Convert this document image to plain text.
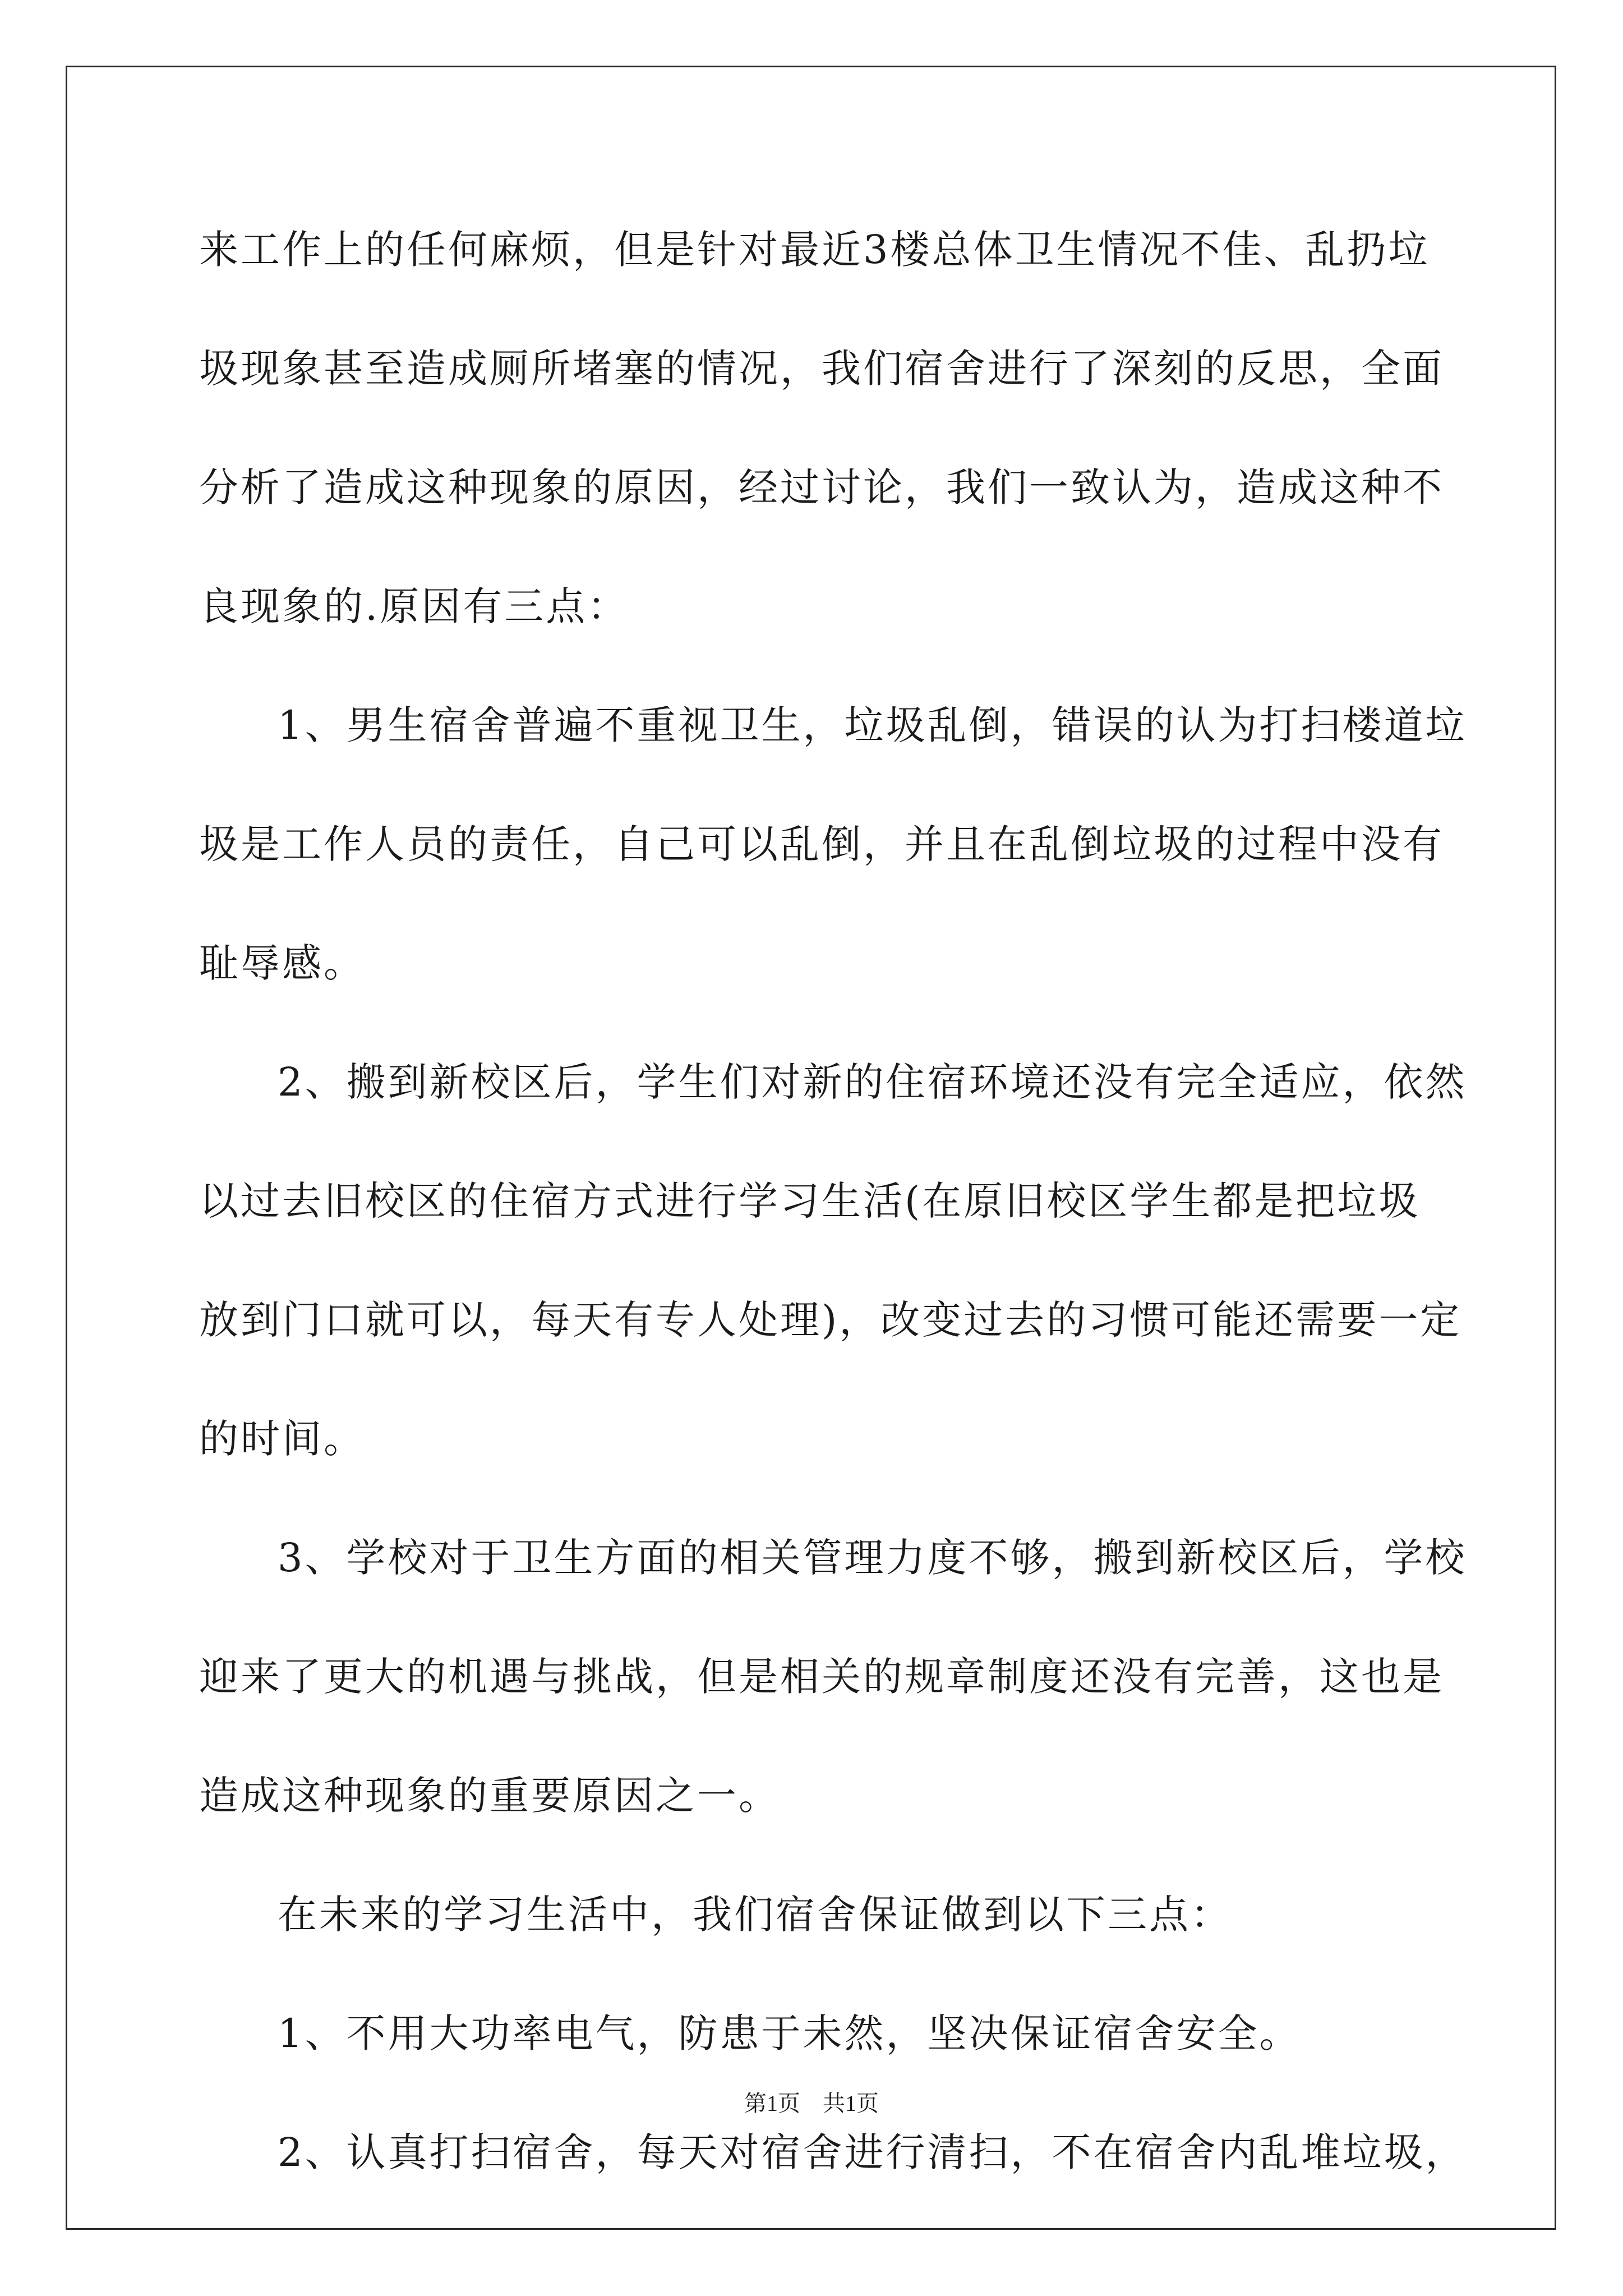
来工作上的任何麻烦，但是针对最近3楼总体卫生情况不佳、乱扔垃
圾现象甚至造成厕所堵塞的情况，我们宿舍进行了深刻的反思，全面
分析了造成这种现象的原因，经过讨论，我们一致认为，造成这种不
良现象的.原因有三点：
1、男生宿舍普遍不重视卫生，垃圾乱倒，错误的认为打扫楼道垃
圾是工作人员的责任，自己可以乱倒，并且在乱倒垃圾的过程中没有
耻辱感。
2、搬到新校区后，学生们对新的住宿环境还没有完全适应，依然
以过去旧校区的住宿方式进行学习生活(在原旧校区学生都是把垃圾
放到门口就可以，每天有专人处理)，改变过去的习惯可能还需要一定
的时间。
3、学校对于卫生方面的相关管理力度不够，搬到新校区后，学校
迎来了更大的机遇与挑战，但是相关的规章制度还没有完善，这也是
造成这种现象的重要原因之一。
在未来的学习生活中，我们宿舍保证做到以下三点：
1、不用大功率电气，防患于未然，坚决保证宿舍安全。
2、认真打扫宿舍，每天对宿舍进行清扫，不在宿舍内乱堆垃圾，
第1页　共1页
